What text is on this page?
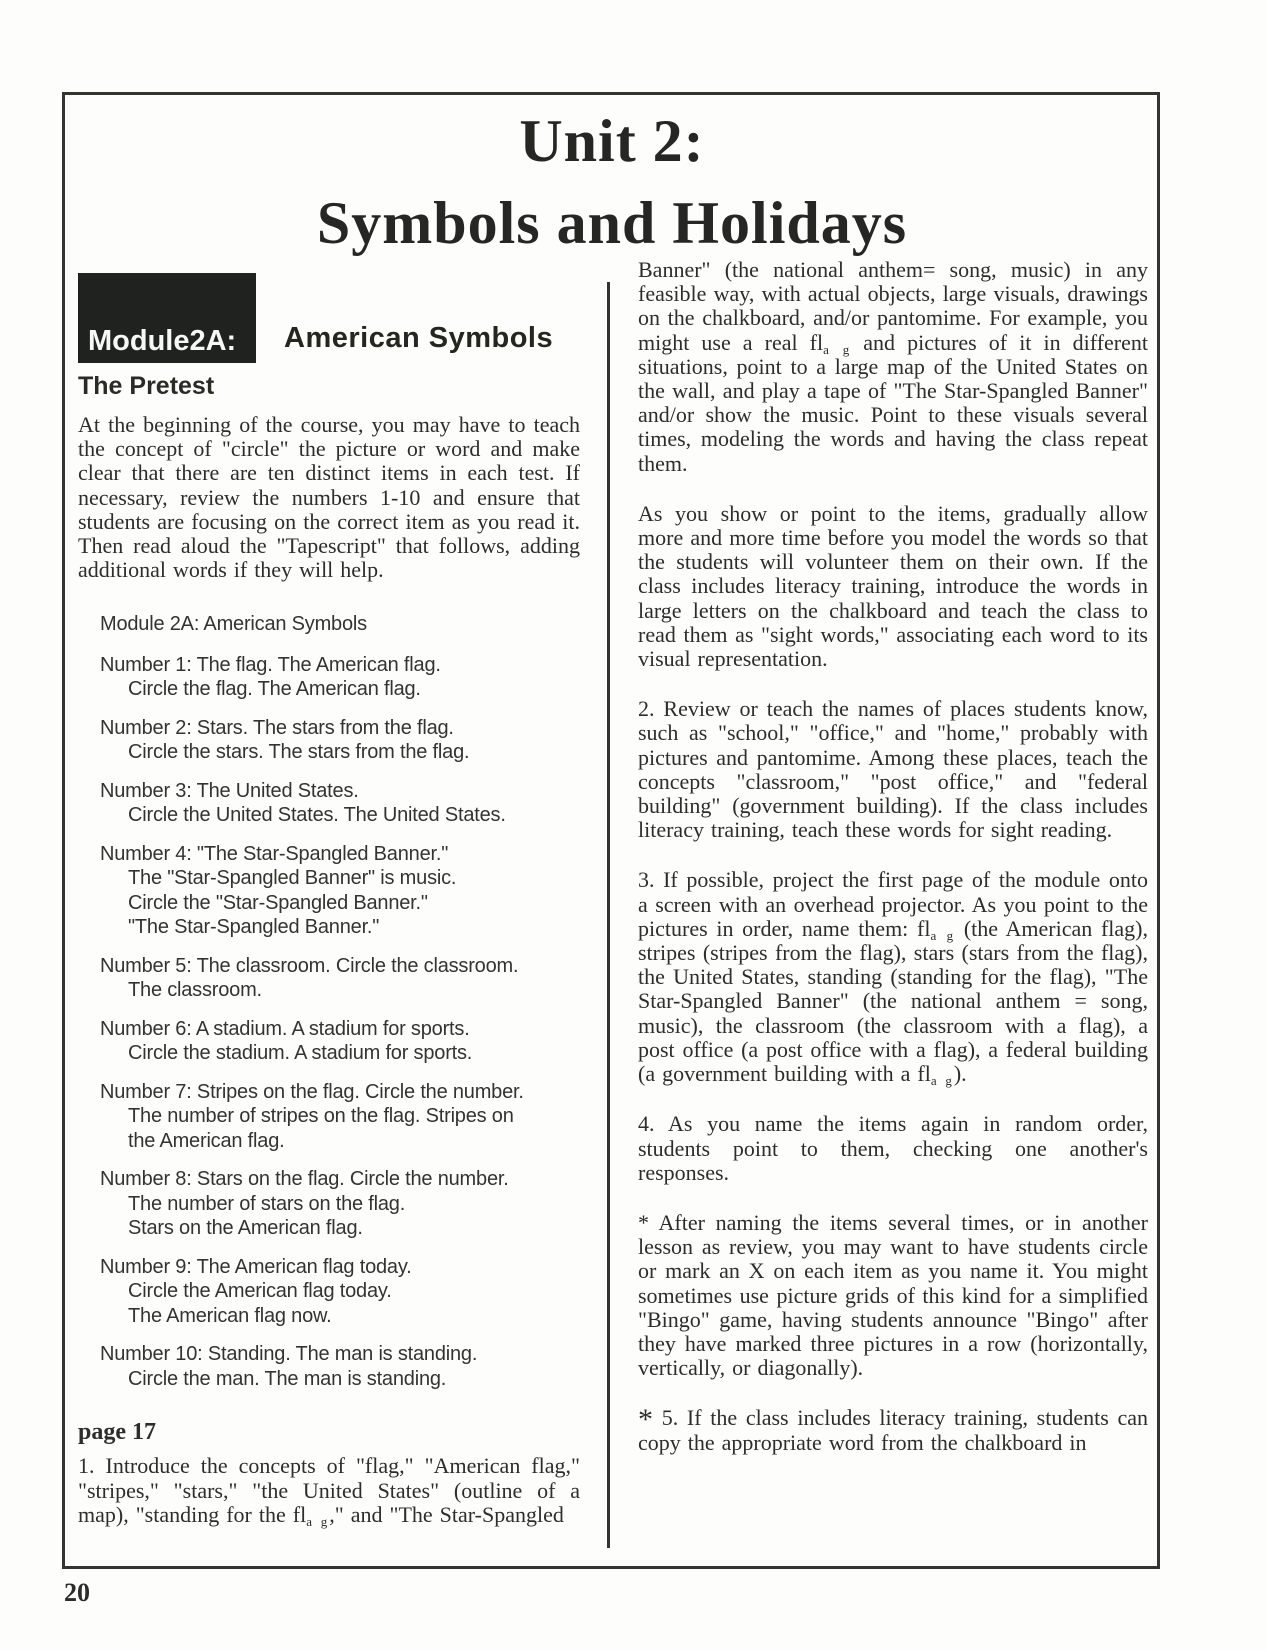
Unit 2:
Symbols and Holidays
Module2A: American Symbols
The Pretest

At the beginning of the course, you may have to teach the concept of "circle" the picture or word and make clear that there are ten distinct items in each test. If necessary, review the numbers 1-10 and ensure that students are focusing on the correct item as you read it. Then read aloud the "Tapescript" that follows, adding additional words if they will help.

Module 2A: American Symbols
Number 1: The flag. The American flag.
Circle the flag. The American flag.
Number 2: Stars. The stars from the flag.
Circle the stars. The stars from the flag.
Number 3: The United States.
Circle the United States. The United States.
Number 4: "The Star-Spangled Banner."
The "Star-Spangled Banner" is music.
Circle the "Star-Spangled Banner."
"The Star-Spangled Banner."
Number 5: The classroom. Circle the classroom.
The classroom.
Number 6: A stadium. A stadium for sports.
Circle the stadium. A stadium for sports.
Number 7: Stripes on the flag. Circle the number.
The number of stripes on the flag. Stripes on
the American flag.
Number 8: Stars on the flag. Circle the number.
The number of stars on the flag.
Stars on the American flag.
Number 9: The American flag today.
Circle the American flag today.
The American flag now.
Number 10: Standing. The man is standing.
Circle the man. The man is standing.
page 17

1. Introduce the concepts of "flag," "American flag," "stripes," "stars," "the United States" (outline of a map), "standing for the $fl_{a g}$," and "The Star-Spangled

Banner" (the national anthem= song, music) in any feasible way, with actual objects, large visuals, drawings on the chalkboard, and/or pantomime. For example, you might use a real $fl_{a g}$ and pictures of it in different situations, point to a large map of the United States on the wall, and play a tape of "The Star-Spangled Banner" and/or show the music. Point to these visuals several times, modeling the words and having the class repeat them.

As you show or point to the items, gradually allow more and more time before you model the words so that the students will volunteer them on their own. If the class includes literacy training, introduce the words in large letters on the chalkboard and teach the class to read them as "sight words," associating each word to its visual representation.

2. Review or teach the names of places students know, such as "school," "office," and "home," probably with pictures and pantomime. Among these places, teach the concepts "classroom," "post office," and "federal building" (government building). If the class includes literacy training, teach these words for sight reading.

3. If possible, project the first page of the module onto a screen with an overhead projector. As you point to the pictures in order, name them: $fl_{a g}$ (the American flag), stripes (stripes from the flag), stars (stars from the flag), the United States, standing (standing for the flag), "The Star-Spangled Banner" (the national anthem = song, music), the classroom (the classroom with a flag), a post office (a post office with a flag), a federal building (a government building with a $fl_{a g}$).

4. As you name the items again in random order, students point to them, checking one another's responses.

* After naming the items several times, or in another lesson as review, you may want to have students circle or mark an X on each item as you name it. You might sometimes use picture grids of this kind for a simplified "Bingo" game, having students announce "Bingo" after they have marked three pictures in a row (horizontally, vertically, or diagonally).

* 5. If the class includes literacy training, students can copy the appropriate word from the chalkboard in

20
